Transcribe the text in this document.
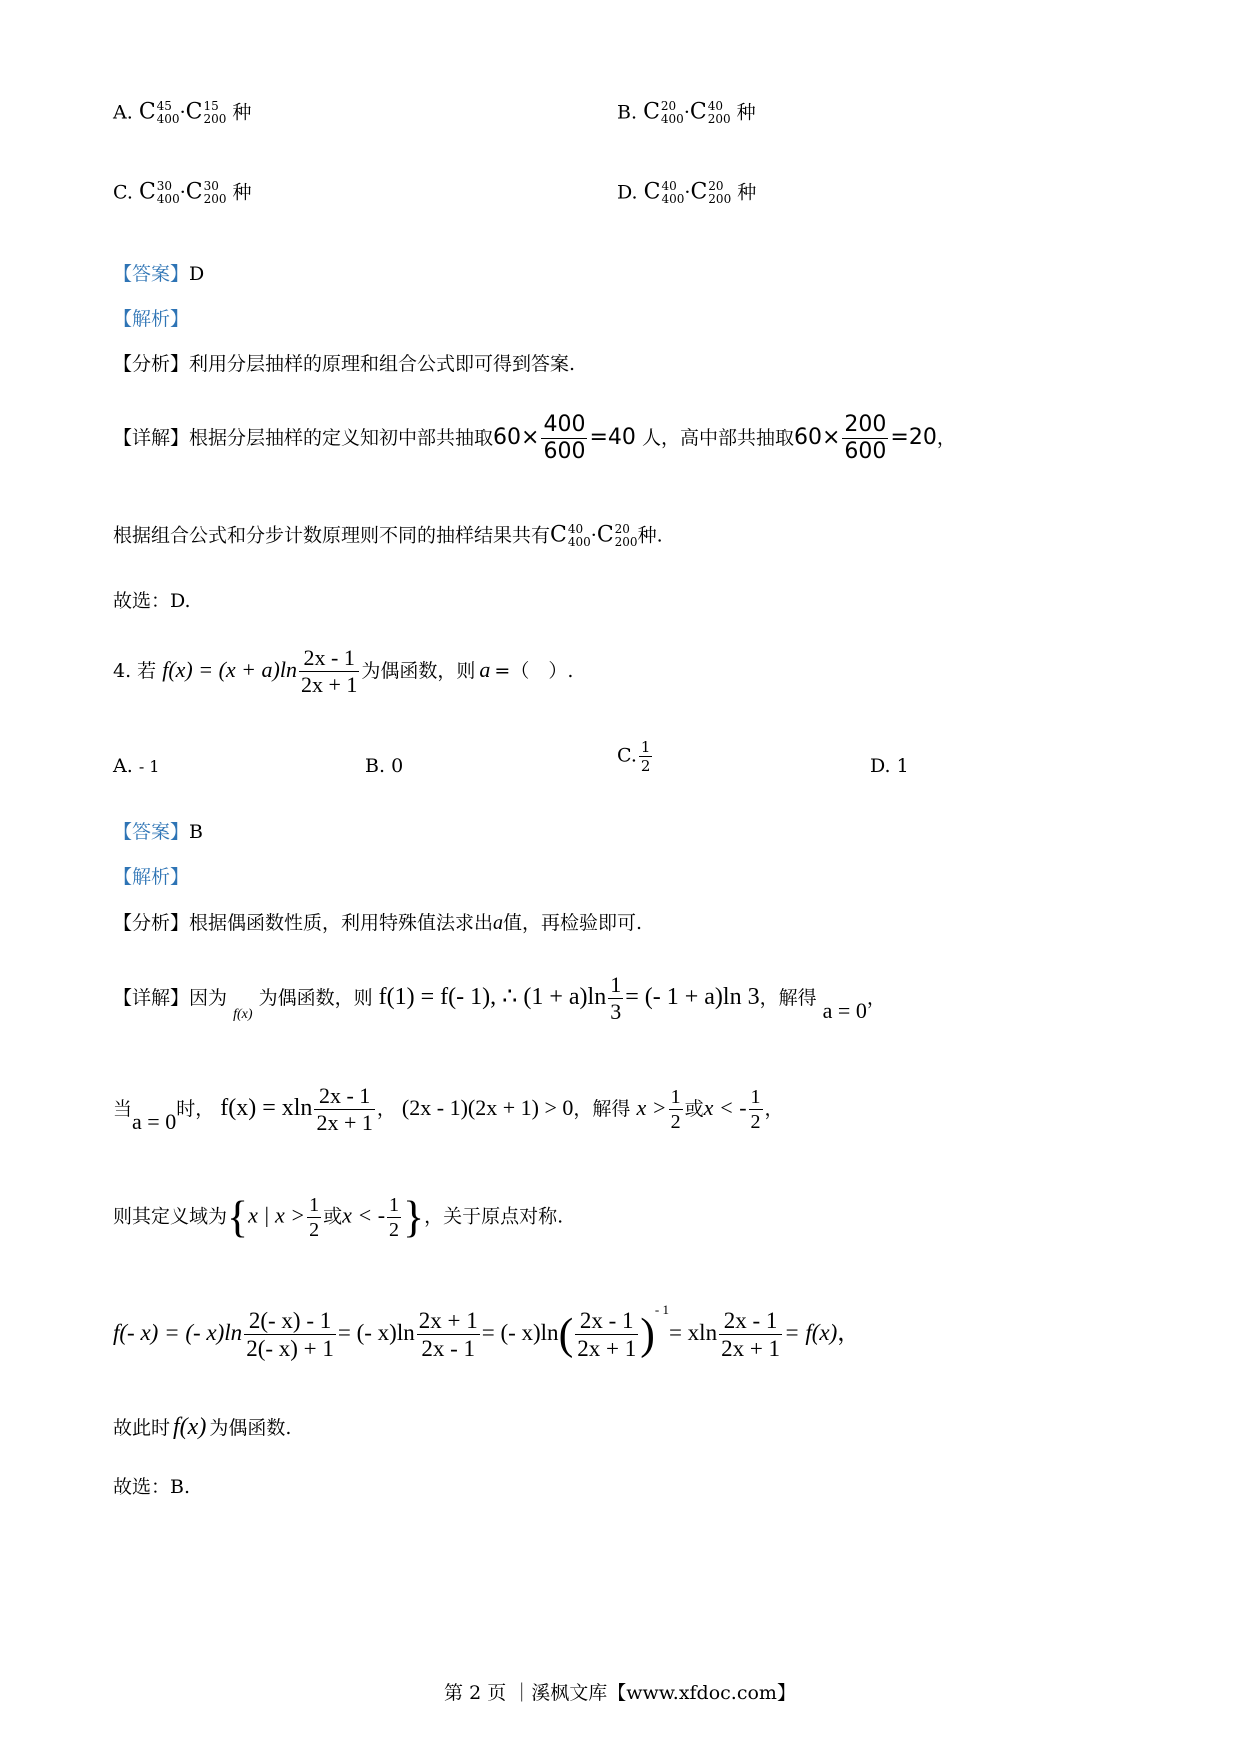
A. C 45
400 ·C 15
200 种	B. C 20
400 ·C 40
200 种
C. C 30
400 ·C 30
200 种	D. C 40
400 ·C 20
200 种
【答案】D
【解析】
【分析】利用分层抽样的原理和组合公式即可得到答案.
【详解】根据分层抽样的定义知初中部共抽取$60\times \frac{400}{600} =40$ 人，高中部共抽取$60\times \frac{200}{600} =20$，
根据组合公式和分步计数原理则不同的抽样结果共有C 40
400 ·C 20
200 种.
故选：D.
4. 若 $f(x) = (x + a)\ln \frac{2x - 1}{2x + 1}$ 为偶函数，则 a =（　）.
A. - 1	B. 0	C. $\frac{1}{2}$	D. 1
【答案】B
【解析】
【分析】根据偶函数性质，利用特殊值法求出a值，再检验即可.
【详解】因为 $_{f(x)}$ 为偶函数，则 f(1) = f(- 1), ∴ $(1 + a)\ln \frac{1}{3}$ = (- 1 + a)ln 3，解得 a = 0，
当a = 0时， f(x) = xln $\frac{2x - 1}{2x + 1}$ ， (2x - 1)(2x + 1) > 0，解得 $x > \frac{1}{2}$ 或x < - $\frac{1}{2}$ ，
则其定义域为{x | $x > \frac{1}{2}$ 或x < - $\frac{1}{2}$ }，关于原点对称.
f(- x) = (- $x)\ln \frac{2(- x) - 1}{2(- x) + 1}$ = (- $x)\ln \frac{2x + 1}{2x - 1}$ = (- $x)\ln( \frac{2x - 1}{2x + 1} )^{- 1}= xln \frac{2x - 1}{2x + 1} = f(x)$，
故此时 f(x) 为偶函数.
故选：B.
第 2 页 ｜溪枫文库【www.xfdoc.com】
